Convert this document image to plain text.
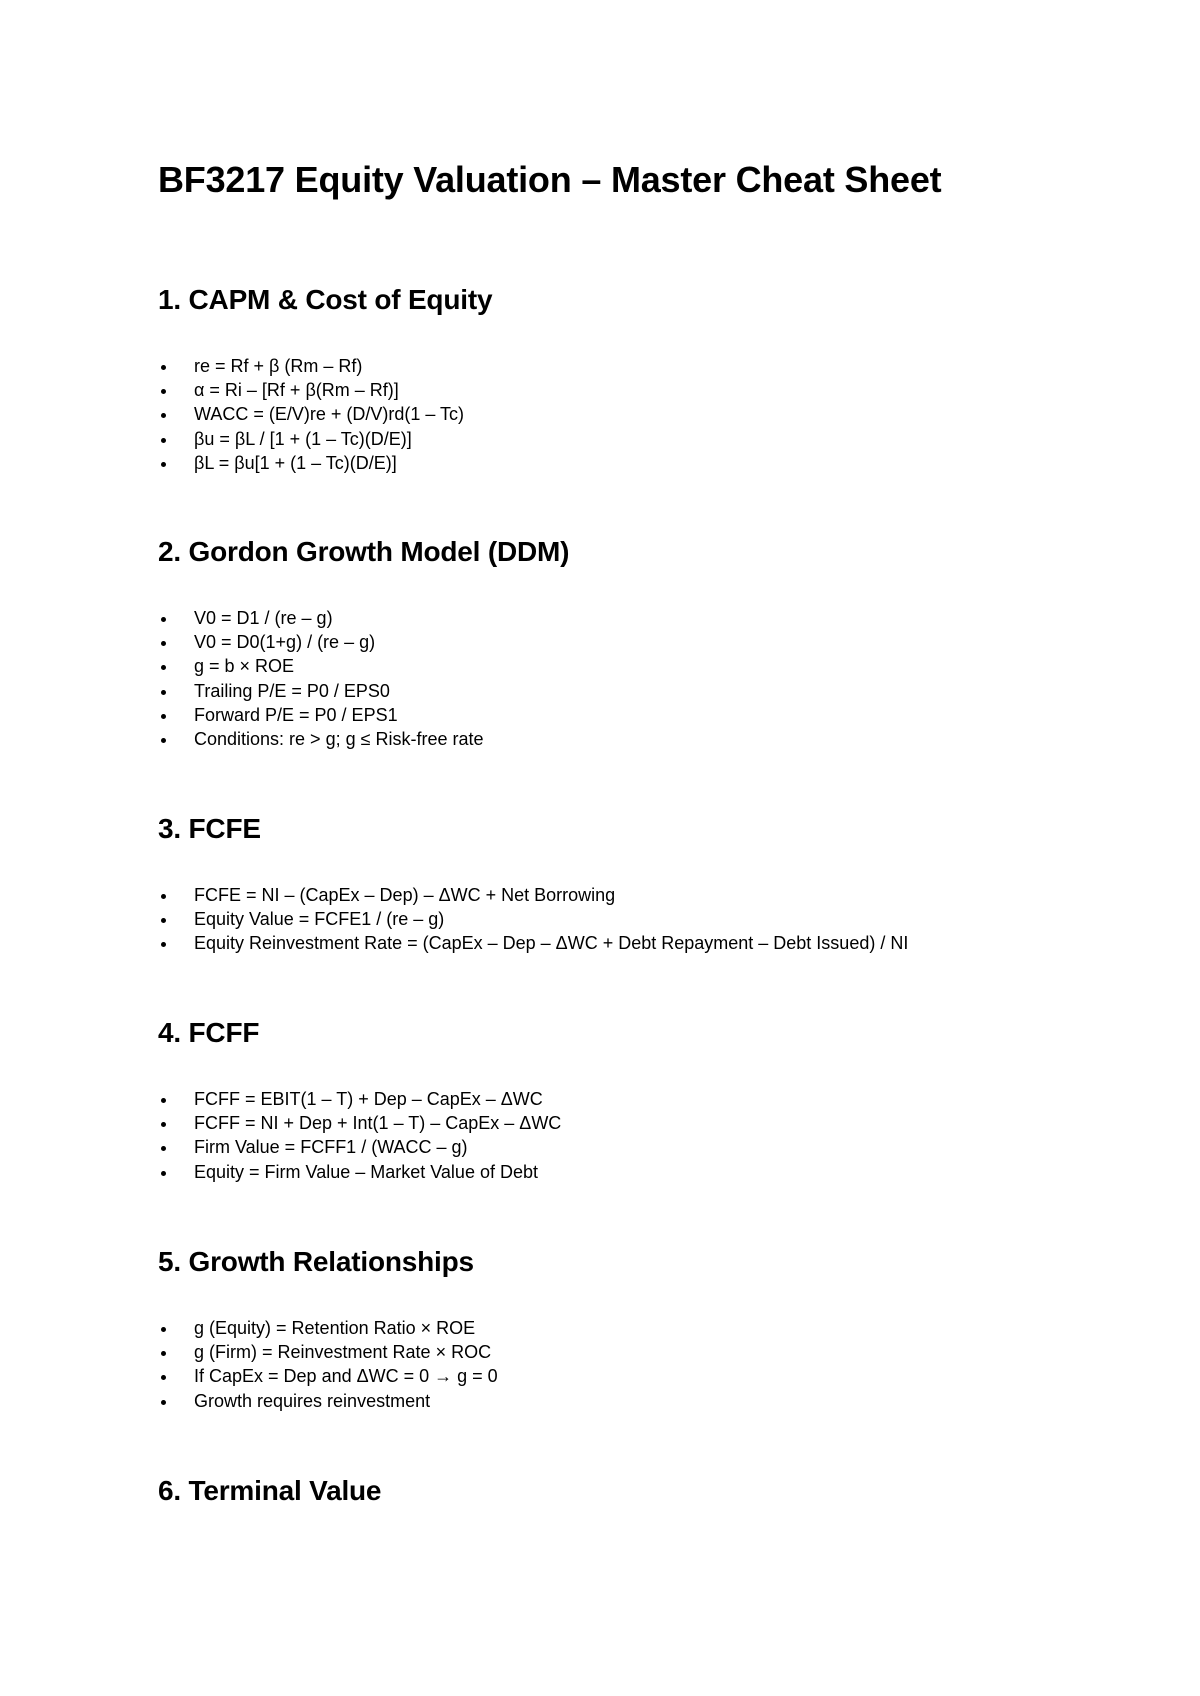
BF3217 Equity Valuation – Master Cheat Sheet
1. CAPM & Cost of Equity
re = Rf + β (Rm – Rf)
α = Ri – [Rf + β(Rm – Rf)]
WACC = (E/V)re + (D/V)rd(1 – Tc)
βu = βL / [1 + (1 – Tc)(D/E)]
βL = βu[1 + (1 – Tc)(D/E)]
2. Gordon Growth Model (DDM)
V0 = D1 / (re – g)
V0 = D0(1+g) / (re – g)
g = b × ROE
Trailing P/E = P0 / EPS0
Forward P/E = P0 / EPS1
Conditions: re > g; g ≤ Risk-free rate
3. FCFE
FCFE = NI – (CapEx – Dep) – ΔWC + Net Borrowing
Equity Value = FCFE1 / (re – g)
Equity Reinvestment Rate = (CapEx – Dep – ΔWC + Debt Repayment – Debt Issued) / NI
4. FCFF
FCFF = EBIT(1 – T) + Dep – CapEx – ΔWC
FCFF = NI + Dep + Int(1 – T) – CapEx – ΔWC
Firm Value = FCFF1 / (WACC – g)
Equity = Firm Value – Market Value of Debt
5. Growth Relationships
g (Equity) = Retention Ratio × ROE
g (Firm) = Reinvestment Rate × ROC
If CapEx = Dep and ΔWC = 0 → g = 0
Growth requires reinvestment
6. Terminal Value
